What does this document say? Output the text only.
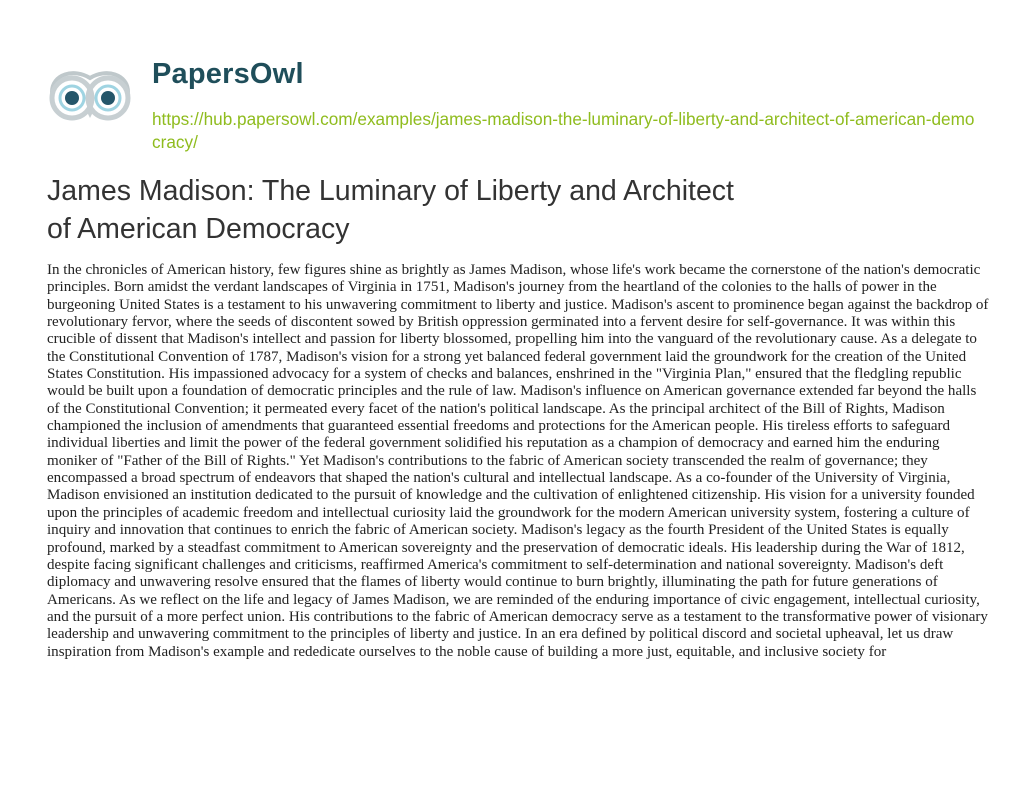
PapersOwl
https://hub.papersowl.com/examples/james-madison-the-luminary-of-liberty-and-architect-of-american-democracy/
James Madison: The Luminary of Liberty and Architect of American Democracy

In the chronicles of American history, few figures shine as brightly as James Madison, whose life's work became the cornerstone of the nation's democratic principles. Born amidst the verdant landscapes of Virginia in 1751, Madison's journey from the heartland of the colonies to the halls of power in the burgeoning United States is a testament to his unwavering commitment to liberty and justice. Madison's ascent to prominence began against the backdrop of revolutionary fervor, where the seeds of discontent sowed by British oppression germinated into a fervent desire for self-governance. It was within this crucible of dissent that Madison's intellect and passion for liberty blossomed, propelling him into the vanguard of the revolutionary cause. As a delegate to the Constitutional Convention of 1787, Madison's vision for a strong yet balanced federal government laid the groundwork for the creation of the United States Constitution. His impassioned advocacy for a system of checks and balances, enshrined in the "Virginia Plan," ensured that the fledgling republic would be built upon a foundation of democratic principles and the rule of law. Madison's influence on American governance extended far beyond the halls of the Constitutional Convention; it permeated every facet of the nation's political landscape. As the principal architect of the Bill of Rights, Madison championed the inclusion of amendments that guaranteed essential freedoms and protections for the American people. His tireless efforts to safeguard individual liberties and limit the power of the federal government solidified his reputation as a champion of democracy and earned him the enduring moniker of "Father of the Bill of Rights." Yet Madison's contributions to the fabric of American society transcended the realm of governance; they encompassed a broad spectrum of endeavors that shaped the nation's cultural and intellectual landscape. As a co-founder of the University of Virginia, Madison envisioned an institution dedicated to the pursuit of knowledge and the cultivation of enlightened citizenship. His vision for a university founded upon the principles of academic freedom and intellectual curiosity laid the groundwork for the modern American university system, fostering a culture of inquiry and innovation that continues to enrich the fabric of American society. Madison's legacy as the fourth President of the United States is equally profound, marked by a steadfast commitment to American sovereignty and the preservation of democratic ideals. His leadership during the War of 1812, despite facing significant challenges and criticisms, reaffirmed America's commitment to self-determination and national sovereignty. Madison's deft diplomacy and unwavering resolve ensured that the flames of liberty would continue to burn brightly, illuminating the path for future generations of Americans. As we reflect on the life and legacy of James Madison, we are reminded of the enduring importance of civic engagement, intellectual curiosity, and the pursuit of a more perfect union. His contributions to the fabric of American democracy serve as a testament to the transformative power of visionary leadership and unwavering commitment to the principles of liberty and justice. In an era defined by political discord and societal upheaval, let us draw inspiration from Madison's example and rededicate ourselves to the noble cause of building a more just, equitable, and inclusive society for
